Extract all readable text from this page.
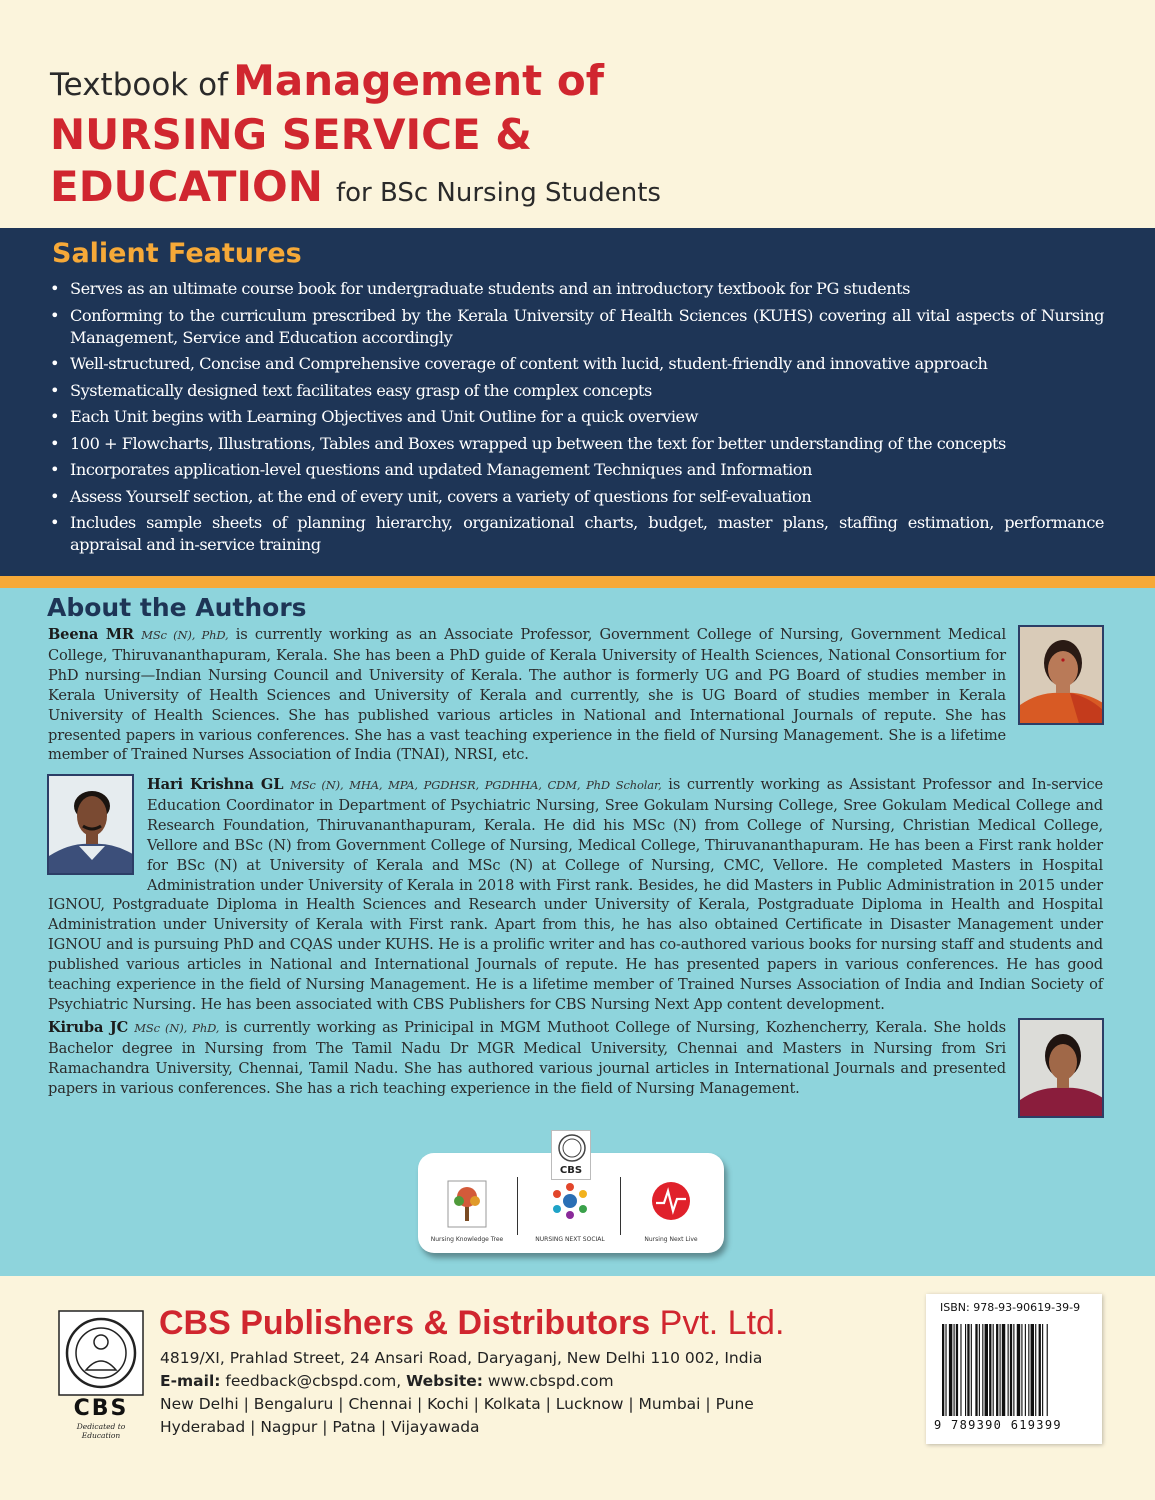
Textbook of Management of
NURSING SERVICE &
EDUCATION for BSc Nursing Students
Salient Features
• Serves as an ultimate course book for undergraduate students and an introductory textbook for PG students
• Conforming to the curriculum prescribed by the Kerala University of Health Sciences (KUHS) covering all vital aspects of Nursing Management, Service and Education accordingly
• Well-structured, Concise and Comprehensive coverage of content with lucid, student-friendly and innovative approach
• Systematically designed text facilitates easy grasp of the complex concepts
• Each Unit begins with Learning Objectives and Unit Outline for a quick overview
• 100 + Flowcharts, Illustrations, Tables and Boxes wrapped up between the text for better understanding of the concepts
• Incorporates application-level questions and updated Management Techniques and Information
• Assess Yourself section, at the end of every unit, covers a variety of questions for self-evaluation
• Includes sample sheets of planning hierarchy, organizational charts, budget, master plans, staffing estimation, performance appraisal and in-service training
About the Authors
Beena MR MSc (N), PhD, is currently working as an Associate Professor, Government College of Nursing, Government Medical College, Thiruvananthapuram, Kerala. She has been a PhD guide of Kerala University of Health Sciences, National Consortium for PhD nursing—Indian Nursing Council and University of Kerala. The author is formerly UG and PG Board of studies member in Kerala University of Health Sciences and University of Kerala and currently, she is UG Board of studies member in Kerala University of Health Sciences. She has published various articles in National and International Journals of repute. She has presented papers in various conferences. She has a vast teaching experience in the field of Nursing Management. She is a lifetime member of Trained Nurses Association of India (TNAI), NRSI, etc.
Hari Krishna GL MSc (N), MHA, MPA, PGDHSR, PGDHHA, CDM, PhD Scholar, is currently working as Assistant Professor and In-service Education Coordinator in Department of Psychiatric Nursing, Sree Gokulam Nursing College, Sree Gokulam Medical College and Research Foundation, Thiruvananthapuram, Kerala. He did his MSc (N) from College of Nursing, Christian Medical College, Vellore and BSc (N) from Government College of Nursing, Medical College, Thiruvananthapuram. He has been a First rank holder for BSc (N) at University of Kerala and MSc (N) at College of Nursing, CMC, Vellore. He completed Masters in Hospital Administration under University of Kerala in 2018 with First rank. Besides, he did Masters in Public Administration in 2015 under IGNOU, Postgraduate Diploma in Health Sciences and Research under University of Kerala, Postgraduate Diploma in Health and Hospital Administration under University of Kerala with First rank. Apart from this, he has also obtained Certificate in Disaster Management under IGNOU and is pursuing PhD and CQAS under KUHS. He is a prolific writer and has co-authored various books for nursing staff and students and published various articles in National and International Journals of repute. He has presented papers in various conferences. He has good teaching experience in the field of Nursing Management. He is a lifetime member of Trained Nurses Association of India and Indian Society of Psychiatric Nursing. He has been associated with CBS Publishers for CBS Nursing Next App content development.
Kiruba JC MSc (N), PhD, is currently working as Prinicipal in MGM Muthoot College of Nursing, Kozhencherry, Kerala. She holds Bachelor degree in Nursing from The Tamil Nadu Dr MGR Medical University, Chennai and Masters in Nursing from Sri Ramachandra University, Chennai, Tamil Nadu. She has authored various journal articles in International Journals and presented papers in various conferences. She has a rich teaching experience in the field of Nursing Management.
Nursing Knowledge Tree	NURSING NEXT SOCIAL	Nursing Next Live
CBS
CBS
Dedicated to Education
CBS Publishers & Distributors Pvt. Ltd.
4819/XI, Prahlad Street, 24 Ansari Road, Daryaganj, New Delhi 110 002, India
E-mail: feedback@cbspd.com, Website: www.cbspd.com
New Delhi | Bengaluru | Chennai | Kochi | Kolkata | Lucknow | Mumbai | Pune
Hyderabad | Nagpur | Patna | Vijayawada
ISBN: 978-93-90619-39-9
9 789390 619399
